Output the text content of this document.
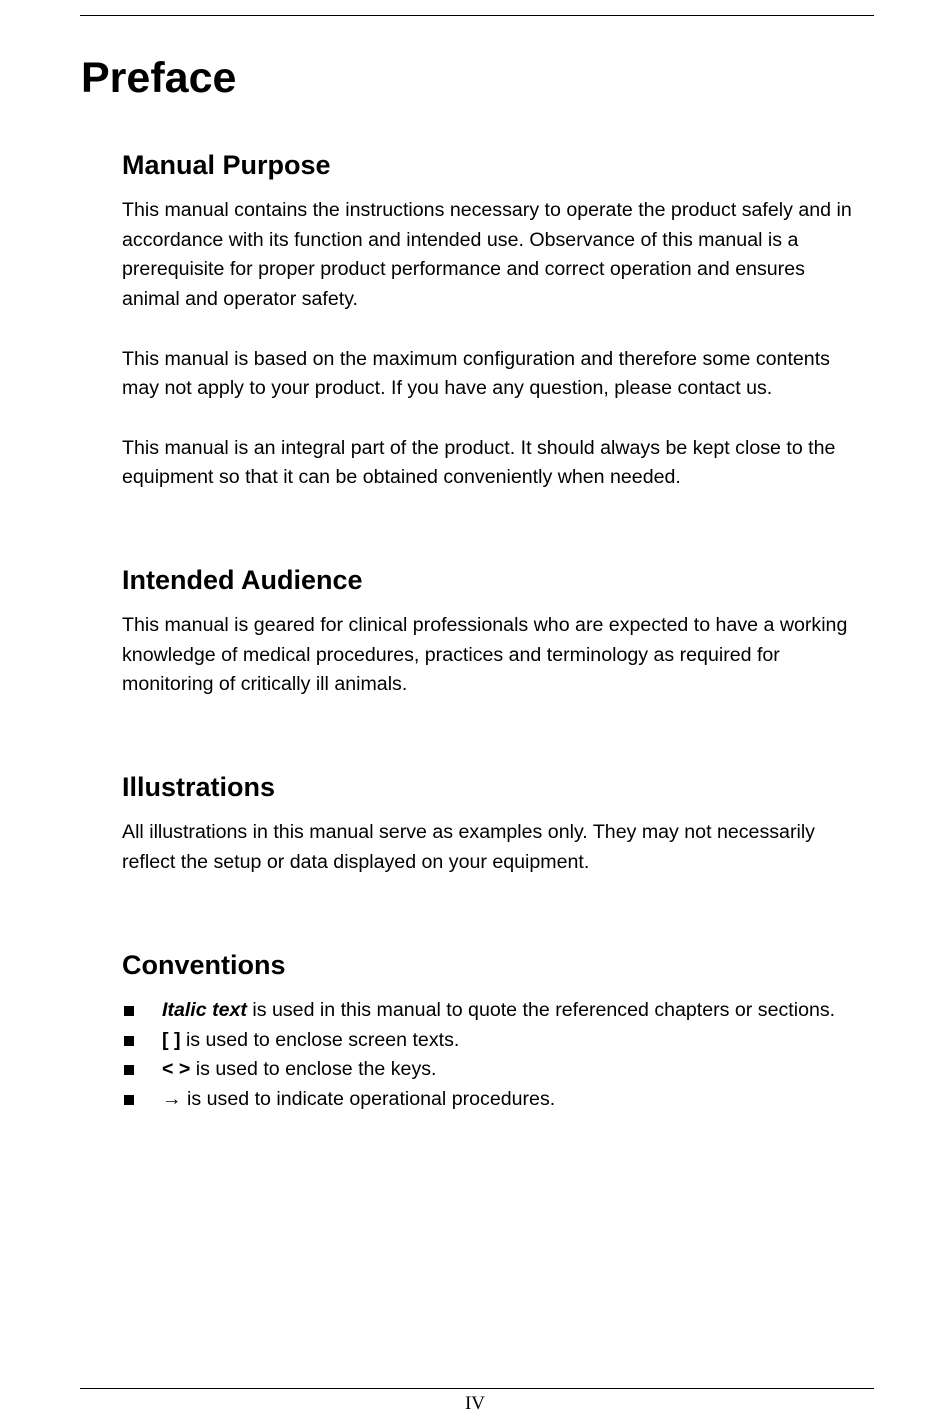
Preface
Manual Purpose

This manual contains the instructions necessary to operate the product safely and in accordance with its function and intended use. Observance of this manual is a prerequisite for proper product performance and correct operation and ensures animal and operator safety.

This manual is based on the maximum configuration and therefore some contents may not apply to your product. If you have any question, please contact us.

This manual is an integral part of the product. It should always be kept close to the equipment so that it can be obtained conveniently when needed.

Intended Audience

This manual is geared for clinical professionals who are expected to have a working knowledge of medical procedures, practices and terminology as required for monitoring of critically ill animals.

Illustrations

All illustrations in this manual serve as examples only. They may not necessarily reflect the setup or data displayed on your equipment.

Conventions
Italic text is used in this manual to quote the referenced chapters or sections.
[ ] is used to enclose screen texts.
< > is used to enclose the keys.
→ is used to indicate operational procedures.
IV
